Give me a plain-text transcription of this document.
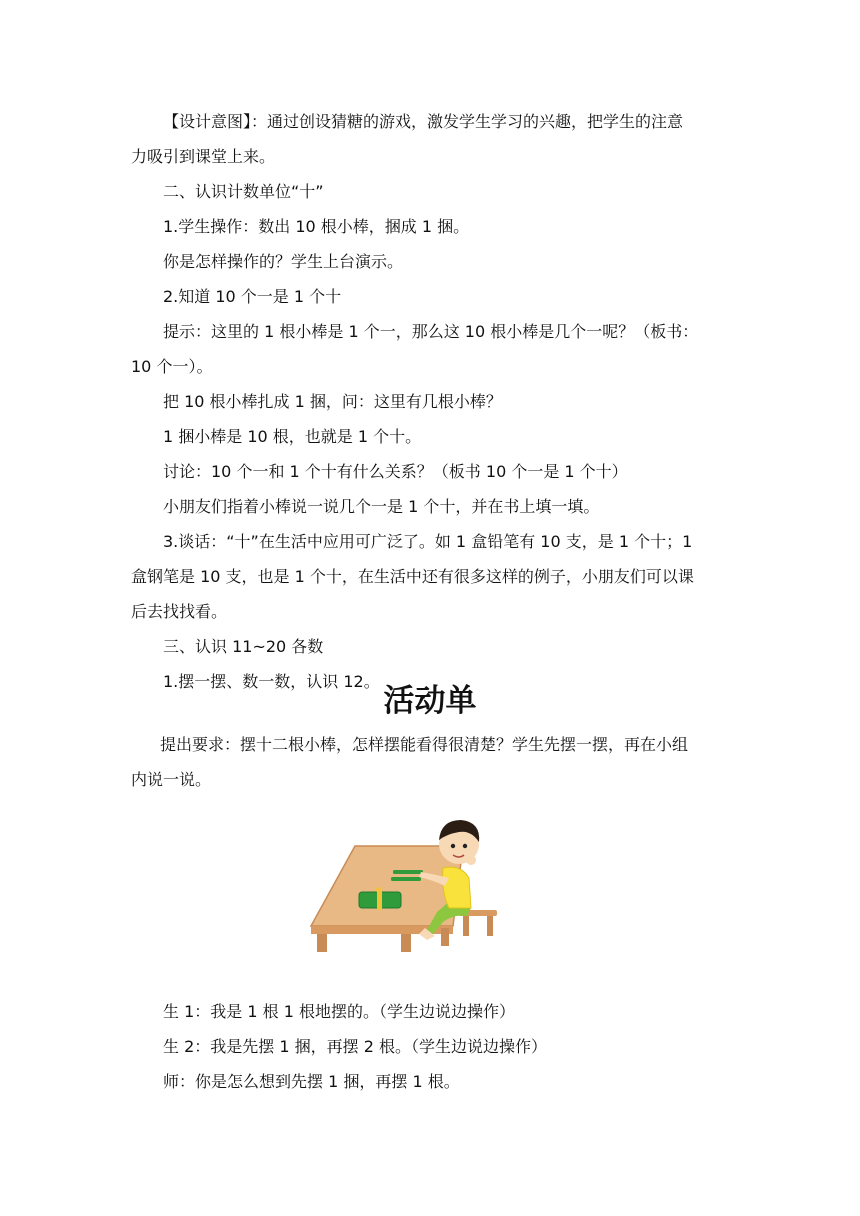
【设计意图】：通过创设猜糖的游戏，激发学生学习的兴趣，把学生的注意
力吸引到课堂上来。
二、认识计数单位“十”
1.学生操作：数出 10 根小棒，捆成 1 捆。
你是怎样操作的？学生上台演示。
2.知道 10 个一是 1 个十
提示：这里的 1 根小棒是 1 个一，那么这 10 根小棒是几个一呢？（板书：
10 个一）。
把 10 根小棒扎成 1 捆，问：这里有几根小棒？
1 捆小棒是 10 根，也就是 1 个十。
讨论：10 个一和 1 个十有什么关系？（板书 10 个一是 1 个十）
小朋友们指着小棒说一说几个一是 1 个十，并在书上填一填。
3.谈话：“十”在生活中应用可广泛了。如 1 盒铅笔有 10 支，是 1 个十；1
盒钢笔是 10 支，也是 1 个十，在生活中还有很多这样的例子，小朋友们可以课
后去找找看。
三、认识 11~20 各数
1.摆一摆、数一数，认识 12。
活动单
提出要求：摆十二根小棒，怎样摆能看得很清楚？学生先摆一摆，再在小组
内说一说。
生 1：我是 1 根 1 根地摆的。（学生边说边操作）
生 2：我是先摆 1 捆，再摆 2 根。（学生边说边操作）
师：你是怎么想到先摆 1 捆，再摆 1 根。
